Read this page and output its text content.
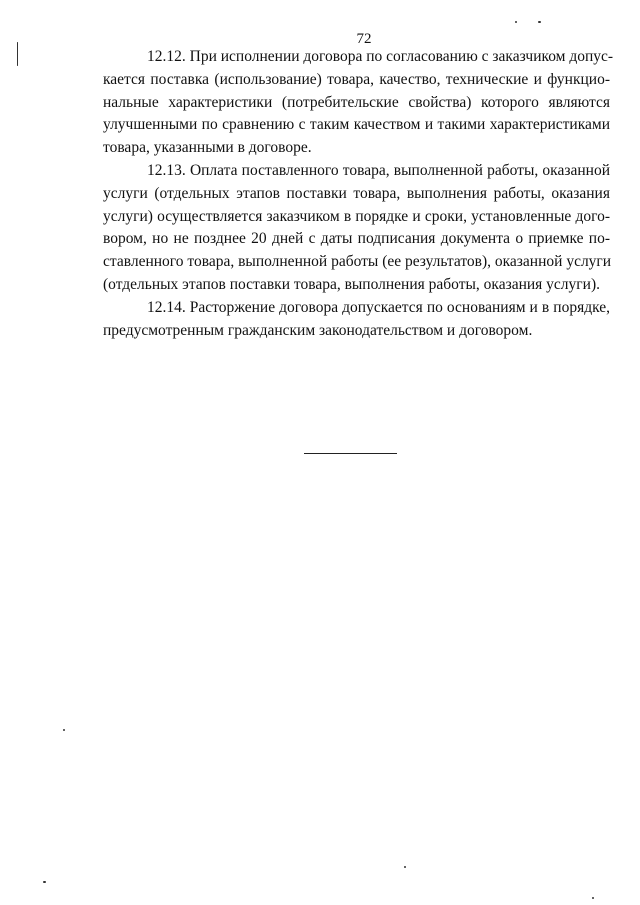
72
12.12. При исполнении договора по согласованию с заказчиком допус-
кается поставка (использование) товара, качество, технические и функцио-
нальные характеристики (потребительские свойства) которого являются
улучшенными по сравнению с таким качеством и такими характеристиками
товара, указанными в договоре.
12.13. Оплата поставленного товара, выполненной работы, оказанной
услуги (отдельных этапов поставки товара, выполнения работы, оказания
услуги) осуществляется заказчиком в порядке и сроки, установленные дого-
вором, но не позднее 20 дней с даты подписания документа о приемке по-
ставленного товара, выполненной работы (ее результатов), оказанной услуги
(отдельных этапов поставки товара, выполнения работы, оказания услуги).
12.14. Расторжение договора допускается по основаниям и в порядке,
предусмотренным гражданским законодательством и договором.
